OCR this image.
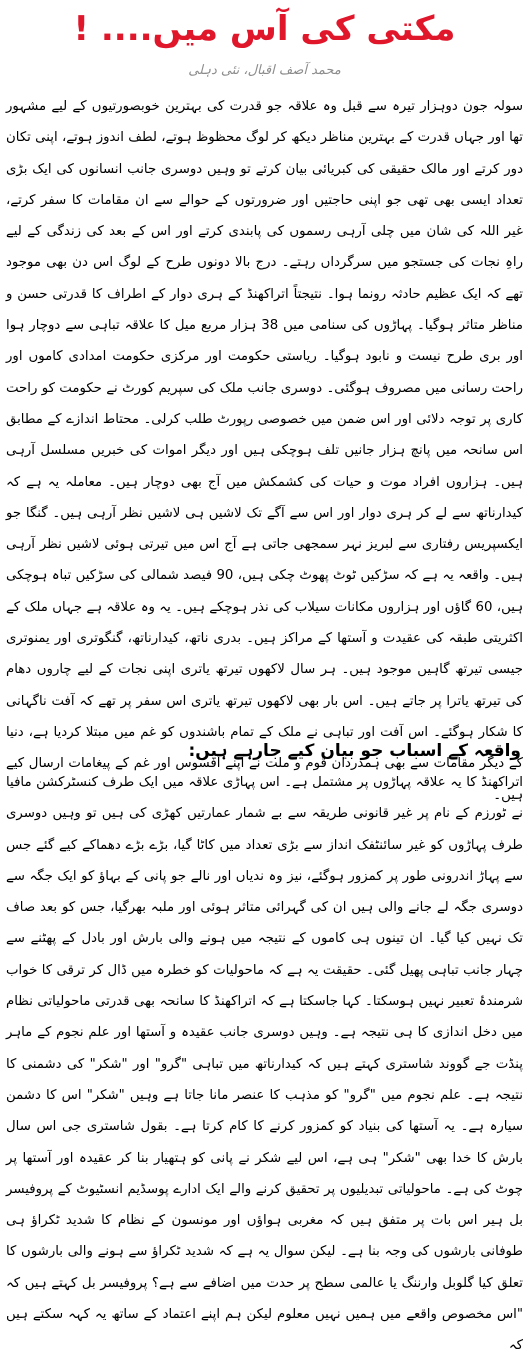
مکتی کی آس میں.... !
محمد آصف اقبال، نئی دہلی

سولہ جون دوہزار تیرہ سے قبل وہ علاقہ جو قدرت کی بہترین خوبصورتیوں کے لیے مشہور تھا اور جہاں قدرت کے بہترین مناظر دیکھ کر لوگ محظوظ ہوتے، لطف اندوز ہوتے، اپنی تکان دور کرتے اور مالک حقیقی کی کبریائی بیان کرتے تو وہیں دوسری جانب انسانوں کی ایک بڑی تعداد ایسی بھی تھی جو اپنی حاجتیں اور ضرورتوں کے حوالے سے ان مقامات کا سفر کرتے، غیر اللہ کی شان میں چلی آرہی رسموں کی پابندی کرتے اور اس کے بعد کی زندگی کے لیے راہِ نجات کی جستجو میں سرگرداں رہتے۔ درج بالا دونوں طرح کے لوگ اس دن بھی موجود تھے کہ ایک عظیم حادثہ رونما ہوا۔ نتیجتاً اتراکھنڈ کے ہری دوار کے اطراف کا قدرتی حسن و مناظر متاثر ہوگیا۔ پہاڑوں کی سنامی میں 38 ہزار مربع میل کا علاقہ تباہی سے دوچار ہوا اور بری طرح نیست و نابود ہوگیا۔ ریاستی حکومت اور مرکزی حکومت امدادی کاموں اور راحت رسانی میں مصروف ہوگئی۔ دوسری جانب ملک کی سپریم کورٹ نے حکومت کو راحت کاری پر توجہ دلائی اور اس ضمن میں خصوصی رپورٹ طلب کرلی۔ محتاط اندازے کے مطابق اس سانحہ میں پانچ ہزار جانیں تلف ہوچکی ہیں اور دیگر اموات کی خبریں مسلسل آرہی ہیں۔ ہزاروں افراد موت و حیات کی کشمکش میں آج بھی دوچار ہیں۔ معاملہ یہ ہے کہ کیدارناتھ سے لے کر ہری دوار اور اس سے آگے تک لاشیں ہی لاشیں نظر آرہی ہیں۔ گنگا جو ایکسپریس رفتاری سے لبریز نہر سمجھی جاتی ہے آج اس میں تیرتی ہوئی لاشیں نظر آرہی ہیں۔ واقعہ یہ ہے کہ سڑکیں ٹوٹ پھوٹ چکی ہیں، 90 فیصد شمالی کی سڑکیں تباہ ہوچکی ہیں، 60 گاؤں اور ہزاروں مکانات سیلاب کی نذر ہوچکے ہیں۔ یہ وہ علاقہ ہے جہاں ملک کے اکثریتی طبقہ کی عقیدت و آستھا کے مراکز ہیں۔ بدری ناتھ، کیدارناتھ، گنگوتری اور یمنوتری جیسی تیرتھ گاہیں موجود ہیں۔ ہر سال لاکھوں تیرتھ یاتری اپنی نجات کے لیے چاروں دھام کی تیرتھ یاترا پر جاتے ہیں۔ اس بار بھی لاکھوں تیرتھ یاتری اس سفر پر تھے کہ آفت ناگہانی کا شکار ہوگئے۔ اس آفت اور تباہی نے ملک کے تمام باشندوں کو غم میں مبتلا کردیا ہے، دنیا کے دیگر مقامات سے بھی ہمدردان قوم و ملت نے اپنے افسوس اور غم کے پیغامات ارسال کیے ہیں۔

واقعہ کے اسباب جو بیان کیے جارہے ہیں:

اتراکھنڈ کا یہ علاقہ پہاڑوں پر مشتمل ہے۔ اس پہاڑی علاقہ میں ایک طرف کنسٹرکشن مافیا نے ٹورزم کے نام پر غیر قانونی طریقہ سے بے شمار عمارتیں کھڑی کی ہیں تو وہیں دوسری طرف پہاڑوں کو غیر سائنٹفک انداز سے بڑی تعداد میں کاٹا گیا، بڑے بڑے دھماکے کیے گئے جس سے پہاڑ اندرونی طور پر کمزور ہوگئے، نیز وہ ندیاں اور نالے جو پانی کے بہاؤ کو ایک جگہ سے دوسری جگہ لے جانے والی ہیں ان کی گہرائی متاثر ہوئی اور ملبہ بھرگیا، جس کو بعد صاف تک نہیں کیا گیا۔ ان تینوں ہی کاموں کے نتیجہ میں ہونے والی بارش اور بادل کے پھٹنے سے چہار جانب تباہی پھیل گئی۔ حقیقت یہ ہے کہ ماحولیات کو خطرہ میں ڈال کر ترقی کا خواب شرمندۂ تعبیر نہیں ہوسکتا۔ کہا جاسکتا ہے کہ اتراکھنڈ کا سانحہ بھی قدرتی ماحولیاتی نظام میں دخل اندازی کا ہی نتیجہ ہے۔ وہیں دوسری جانب عقیدہ و آستھا اور علم نجوم کے ماہر پنڈت جے گووند شاستری کہتے ہیں کہ کیدارناتھ میں تباہی "گرو" اور "شکر" کی دشمنی کا نتیجہ ہے۔ علم نجوم میں "گرو" کو مذہب کا عنصر مانا جاتا ہے وہیں "شکر" اس کا دشمن سیارہ ہے۔ یہ آستھا کی بنیاد کو کمزور کرنے کا کام کرتا ہے۔ بقول شاستری جی اس سال بارش کا خدا بھی "شکر" ہی ہے، اس لیے شکر نے پانی کو ہتھیار بنا کر عقیدہ اور آستھا پر چوٹ کی ہے۔ ماحولیاتی تبدیلیوں پر تحقیق کرنے والے ایک ادارے پوسڈیم انسٹیوٹ کے پروفیسر بل ہیر اس بات پر متفق ہیں کہ مغربی ہواؤں اور مونسون کے نظام کا شدید ٹکراؤ ہی طوفانی بارشوں کی وجہ بنا ہے۔ لیکن سوال یہ ہے کہ شدید ٹکراؤ سے ہونے والی بارشوں کا تعلق کیا گلوبل وارننگ یا عالمی سطح پر حدت میں اضافے سے ہے؟ پروفیسر بل کہتے ہیں کہ "اس مخصوص واقعے میں ہمیں نہیں معلوم لیکن ہم اپنے اعتماد کے ساتھ یہ کہہ سکتے ہیں کہ
